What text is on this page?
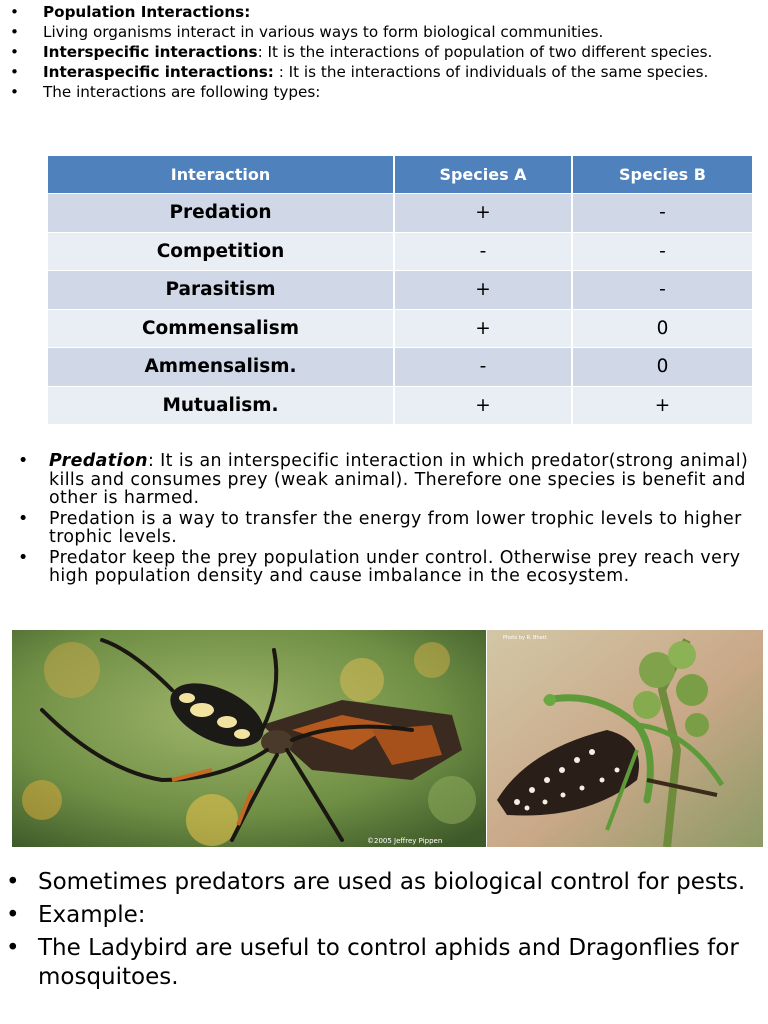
• Population Interactions:
• Living organisms interact in various ways to form biological communities.
• Interspecific interactions: It is the interactions of population of two different species.
• Interaspecific interactions: : It is the interactions of individuals of the same species.
• The interactions are following types:
Interaction	Species A	Species B
Predation	+	-
Competition	-	-
Parasitism	+	-
Commensalism	+	0
Ammensalism.	-	0
Mutualism.	+	+
• Predation: It is an interspecific interaction in which predator(strong animal) kills and consumes prey (weak animal). Therefore one species is benefit and other is harmed.
• Predation is a way to transfer the energy from lower trophic levels to higher trophic levels.
• Predator keep the prey population under control. Otherwise prey reach very high population density and cause imbalance in the ecosystem.
©2005 Jeffrey Pippen
Photo by R. Bhatt
• Sometimes predators are used as biological control for pests.
• Example:
• The Ladybird are useful to control aphids and Dragonflies for mosquitoes.
